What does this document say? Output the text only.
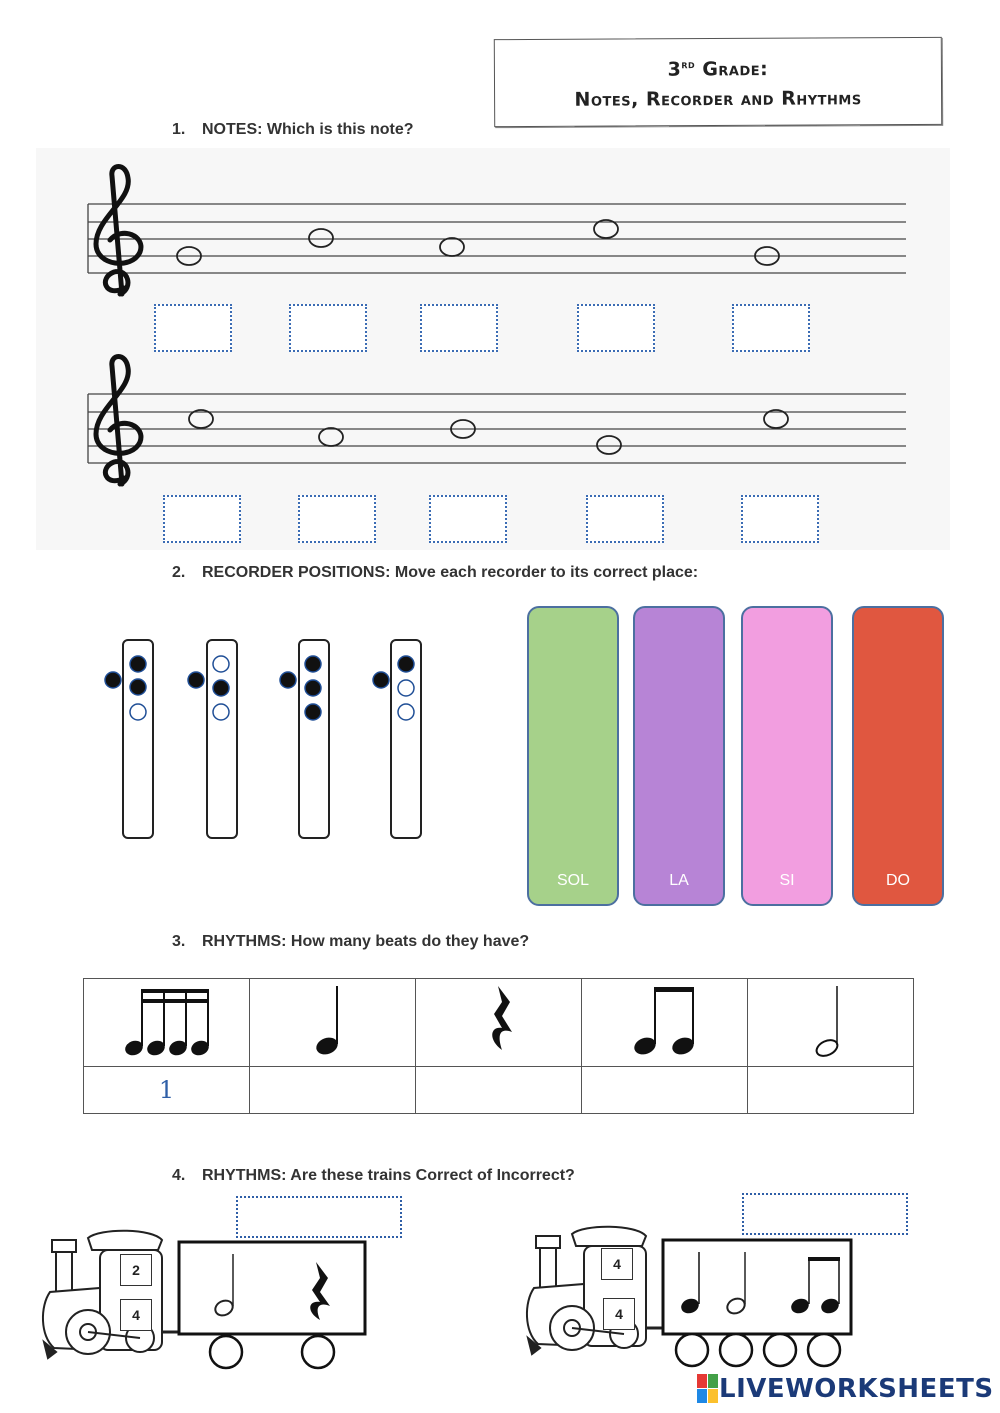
3rd Grade:
Notes, Recorder and Rhythms
1. NOTES: Which is this note?
2. RECORDER POSITIONS: Move each recorder to its correct place:
SOL	LA	SI	DO
3. RHYTHMS: How many beats do they have?

1				
4. RHYTHMS: Are these trains Correct of Incorrect?
2
4
4
4
LIVEWORKSHEETS
